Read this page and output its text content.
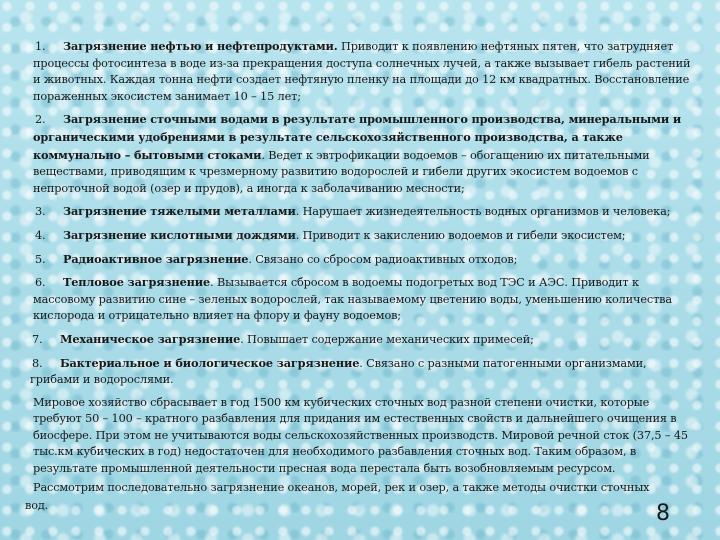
1. Загрязнение нефтью и нефтепродуктами. Приводит к появлению нефтяных пятен, что затрудняет процессы фотосинтеза в воде из-за прекращения доступа солнечных лучей, а также вызывает гибель растений и животных. Каждая тонна нефти создает нефтяную пленку на площади до 12 км квадратных. Восстановление пораженных экосистем занимает 10 – 15 лет;
2. Загрязнение сточными водами в результате промышленного производства, минеральными и органическими удобрениями в результате сельскохозяйственного производства, а также коммунально – бытовыми стоками. Ведет к эвтрофикации водоемов – обогащению их питательными веществами, приводящим к чрезмерному развитию водорослей и гибели других экосистем водоемов с непроточной водой (озер и прудов), а иногда к заболачиванию месности;
3. Загрязнение тяжелыми металлами. Нарушает жизнедеятельность водных организмов и человека;
4. Загрязнение кислотными дождями. Приводит к закислению водоемов и гибели экосистем;
5. Радиоактивное загрязнение. Связано со сбросом радиоактивных отходов;
6. Тепловое загрязнение. Вызывается сбросом в водоемы подогретых вод ТЭС и АЭС. Приводит к массовому развитию сине – зеленых водорослей, так называемому цветению воды, уменьшению количества кислорода и отрицательно влияет на флору и фауну водоемов;
7. Механическое загрязнение. Повышает содержание механических примесей;
8. Бактериальное и биологическое загрязнение. Связано с разными патогенными организмами, грибами и водорослями.

Мировое хозяйство сбрасывает в год 1500 км кубических сточных вод разной степени очистки, которые требуют 50 – 100 – кратного разбавления для придания им естественных свойств и дальнейшего очищения в биосфере. При этом не учитываются воды сельскохозяйственных производств. Мировой речной сток (37,5 – 45 тыс.км кубических в год) недостаточен для необходимого разбавления сточных вод. Таким образом, в результате промышленной деятельности пресная вода перестала быть возобновляемым ресурсом.

Рассмотрим последовательно загрязнение океанов, морей, рек и озер, а также методы очистки сточных

вод.	8
